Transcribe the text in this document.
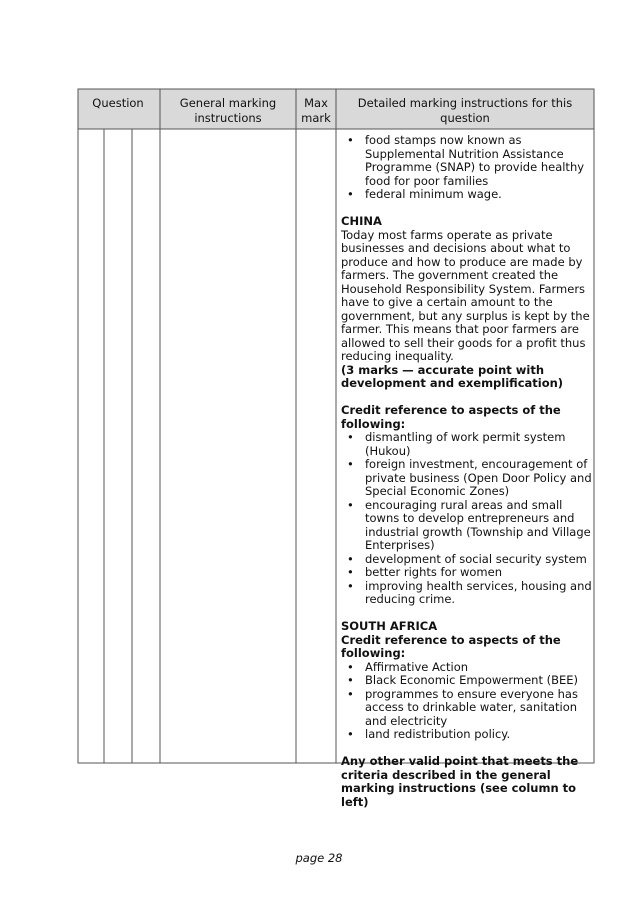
Question	General marking instructions
Max mark
Detailed marking instructions for this question
• food stamps now known as Supplemental Nutrition Assistance Programme (SNAP) to provide healthy food for poor families
• federal minimum wage.

CHINA

Today most farms operate as private businesses and decisions about what to produce and how to produce are made by farmers. The government created the Household Responsibility System. Farmers have to give a certain amount to the government, but any surplus is kept by the farmer. This means that poor farmers are allowed to sell their goods for a profit thus reducing inequality.

(3 marks — accurate point with development and exemplification)

Credit reference to aspects of the following:

• dismantling of work permit system (Hukou)
• foreign investment, encouragement of private business (Open Door Policy and Special Economic Zones)
• encouraging rural areas and small towns to develop entrepreneurs and industrial growth (Township and Village Enterprises)
• development of social security system
• better rights for women
• improving health services, housing and reducing crime.

SOUTH AFRICA

Credit reference to aspects of the following:

• Affirmative Action
• Black Economic Empowerment (BEE)
• programmes to ensure everyone has access to drinkable water, sanitation and electricity
• land redistribution policy.

Any other valid point that meets the criteria described in the general marking instructions (see column to left)

page 28
